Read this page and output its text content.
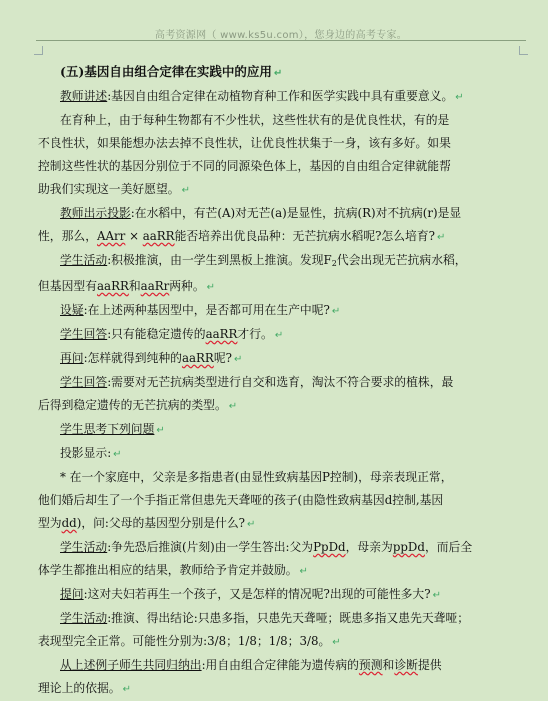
高考资源网（ www.ks5u.com），您身边的高考专家。

(五)基因自由组合定律在实践中的应用 ↵

教师讲述:基因自由组合定律在动植物育种工作和医学实践中具有重要意义。 ↵

在育种上，由于每种生物都有不少性状，这些性状有的是优良性状，有的是

不良性状，如果能想办法去掉不良性状，让优良性状集于一身，该有多好。如果

控制这些性状的基因分别位于不同的同源染色体上，基因的自由组合定律就能帮

助我们实现这一美好愿望。 ↵

教师出示投影:在水稻中，有芒(A)对无芒(a)是显性，抗病(R)对不抗病(r)是显

性，那么，AArr × aaRR能否培养出优良品种：无芒抗病水稻呢?怎么培育? ↵

学生活动:积极推演，由一学生到黑板上推演。发现$F_2$代会出现无芒抗病水稻，

但基因型有aaRR和aaRr两种。 ↵

设疑:在上述两种基因型中，是否都可用在生产中呢? ↵

学生回答:只有能稳定遗传的aaRR才行。 ↵

再问:怎样就得到纯种的aaRR呢? ↵

学生回答:需要对无芒抗病类型进行自交和选育，淘汰不符合要求的植株，最

后得到稳定遗传的无芒抗病的类型。 ↵

学生思考下列问题 ↵

投影显示: ↵

* 在一个家庭中，父亲是多指患者(由显性致病基因P控制)，母亲表现正常，

他们婚后却生了一个手指正常但患先天聋哑的孩子(由隐性致病基因d控制,基因

型为dd)，问:父母的基因型分别是什么? ↵

学生活动:争先恐后推演(片刻)由一学生答出:父为PpDd，母亲为ppDd，而后全

体学生都推出相应的结果，教师给予肯定并鼓励。 ↵

提问:这对夫妇若再生一个孩子，又是怎样的情况呢?出现的可能性多大? ↵

学生活动:推演、得出结论:只患多指，只患先天聋哑；既患多指又患先天聋哑；

表现型完全正常。可能性分别为:3/8；1/8；1/8；3/8。 ↵

从上述例子师生共同归纳出:用自由组合定律能为遗传病的预测和诊断提供

理论上的依据。 ↵
